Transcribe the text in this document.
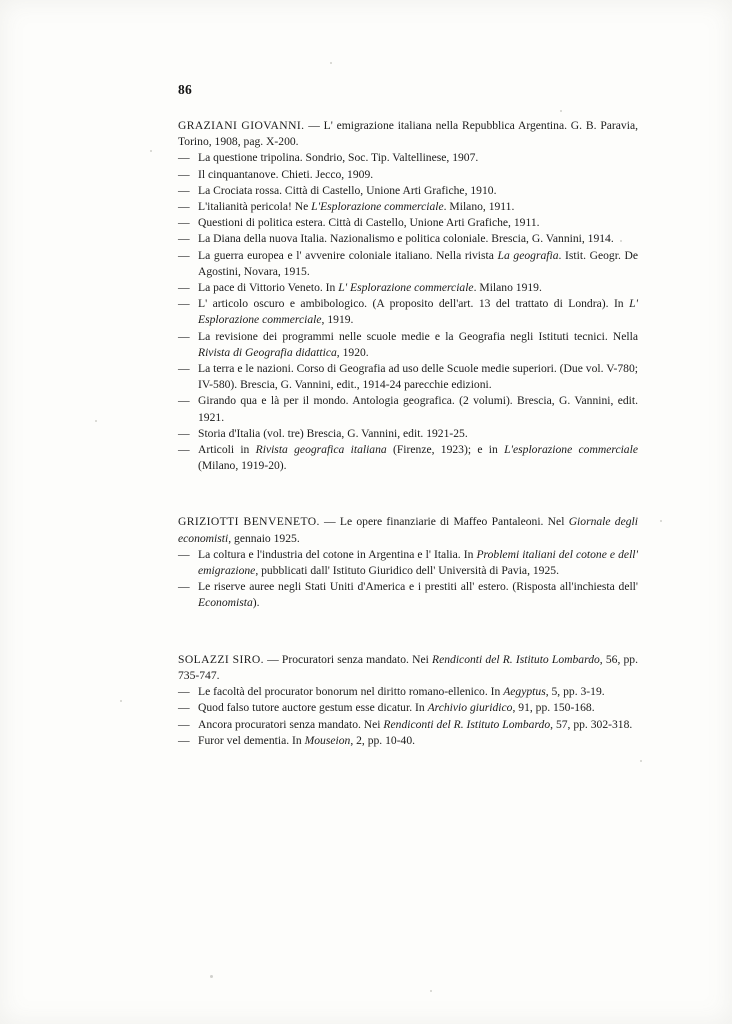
86
GRAZIANI GIOVANNI. — L' emigrazione italiana nella Repubblica Argentina. G. B. Paravia, Torino, 1908, pag. X-200.
— La questione tripolina. Sondrio, Soc. Tip. Valtellinese, 1907.
— Il cinquantanove. Chieti. Jecco, 1909.
— La Crociata rossa. Città di Castello, Unione Arti Grafiche, 1910.
— L'italianità pericola! Ne L'Esplorazione commerciale. Milano, 1911.
— Questioni di politica estera. Città di Castello, Unione Arti Grafiche, 1911.
— La Diana della nuova Italia. Nazionalismo e politica coloniale. Brescia, G. Vannini, 1914.
— La guerra europea e l' avvenire coloniale italiano. Nella rivista La geografia. Istit. Geogr. De Agostini, Novara, 1915.
— La pace di Vittorio Veneto. In L' Esplorazione commerciale. Milano 1919.
— L' articolo oscuro e ambibologico. (A proposito dell'art. 13 del trattato di Londra). In L' Esplorazione commerciale, 1919.
— La revisione dei programmi nelle scuole medie e la Geografia negli Istituti tecnici. Nella Rivista di Geografia didattica, 1920.
— La terra e le nazioni. Corso di Geografia ad uso delle Scuole medie superiori. (Due vol. V-780; IV-580). Brescia, G. Vannini, edit., 1914-24 parecchie edizioni.
— Girando qua e là per il mondo. Antologia geografica. (2 volumi). Brescia, G. Vannini, edit. 1921.
— Storia d'Italia (vol. tre) Brescia, G. Vannini, edit. 1921-25.
— Articoli in Rivista geografica italiana (Firenze, 1923); e in L'esplorazione commerciale (Milano, 1919-20).
GRIZIOTTI BENVENETO. — Le opere finanziarie di Maffeo Pantaleoni. Nel Giornale degli economisti, gennaio 1925.
— La coltura e l'industria del cotone in Argentina e l' Italia. In Problemi italiani del cotone e dell' emigrazione, pubblicati dall' Istituto Giuridico dell' Università di Pavia, 1925.
— Le riserve auree negli Stati Uniti d'America e i prestiti all' estero. (Risposta all'inchiesta dell' Economista).
SOLAZZI SIRO. — Procuratori senza mandato. Nei Rendiconti del R. Istituto Lombardo, 56, pp. 735-747.
— Le facoltà del procurator bonorum nel diritto romano-ellenico. In Aegyptus, 5, pp. 3-19.
— Quod falso tutore auctore gestum esse dicatur. In Archivio giuridico, 91, pp. 150-168.
— Ancora procuratori senza mandato. Nei Rendiconti del R. Istituto Lombardo, 57, pp. 302-318.
— Furor vel dementia. In Mouseion, 2, pp. 10-40.
